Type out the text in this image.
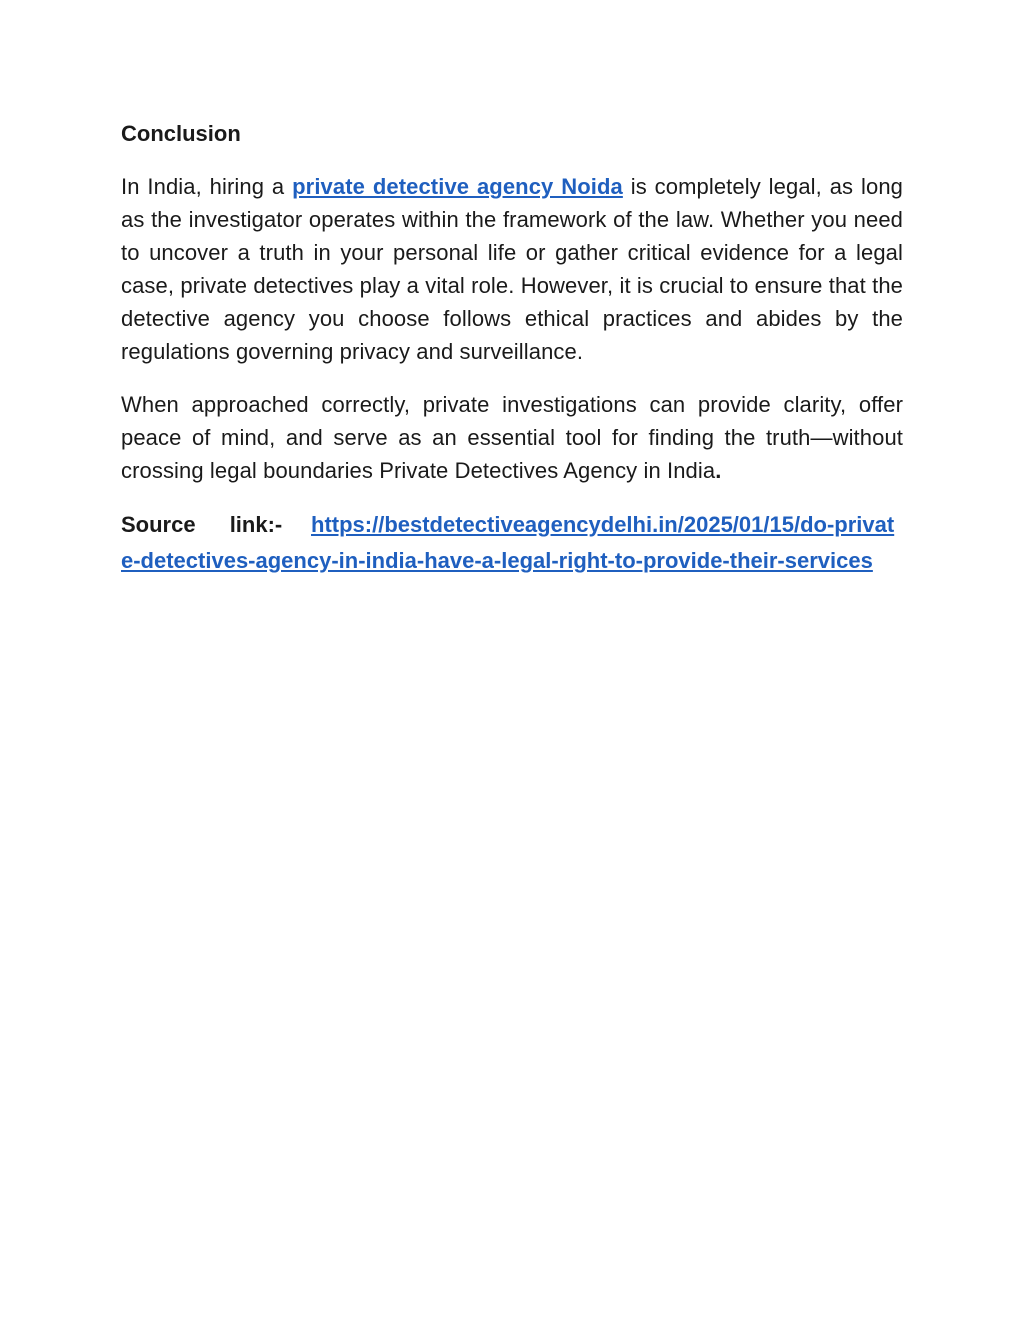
Conclusion

In India, hiring a private detective agency Noida is completely legal, as long as the investigator operates within the framework of the law. Whether you need to uncover a truth in your personal life or gather critical evidence for a legal case, private detectives play a vital role. However, it is crucial to ensure that the detective agency you choose follows ethical practices and abides by the regulations governing privacy and surveillance.

When approached correctly, private investigations can provide clarity, offer peace of mind, and serve as an essential tool for finding the truth—without crossing legal boundaries Private Detectives Agency in India.

Source link:- https://bestdetectiveagencydelhi.in/2025/01/15/do-private-detectives-agency-in-india-have-a-legal-right-to-provide-their-services
